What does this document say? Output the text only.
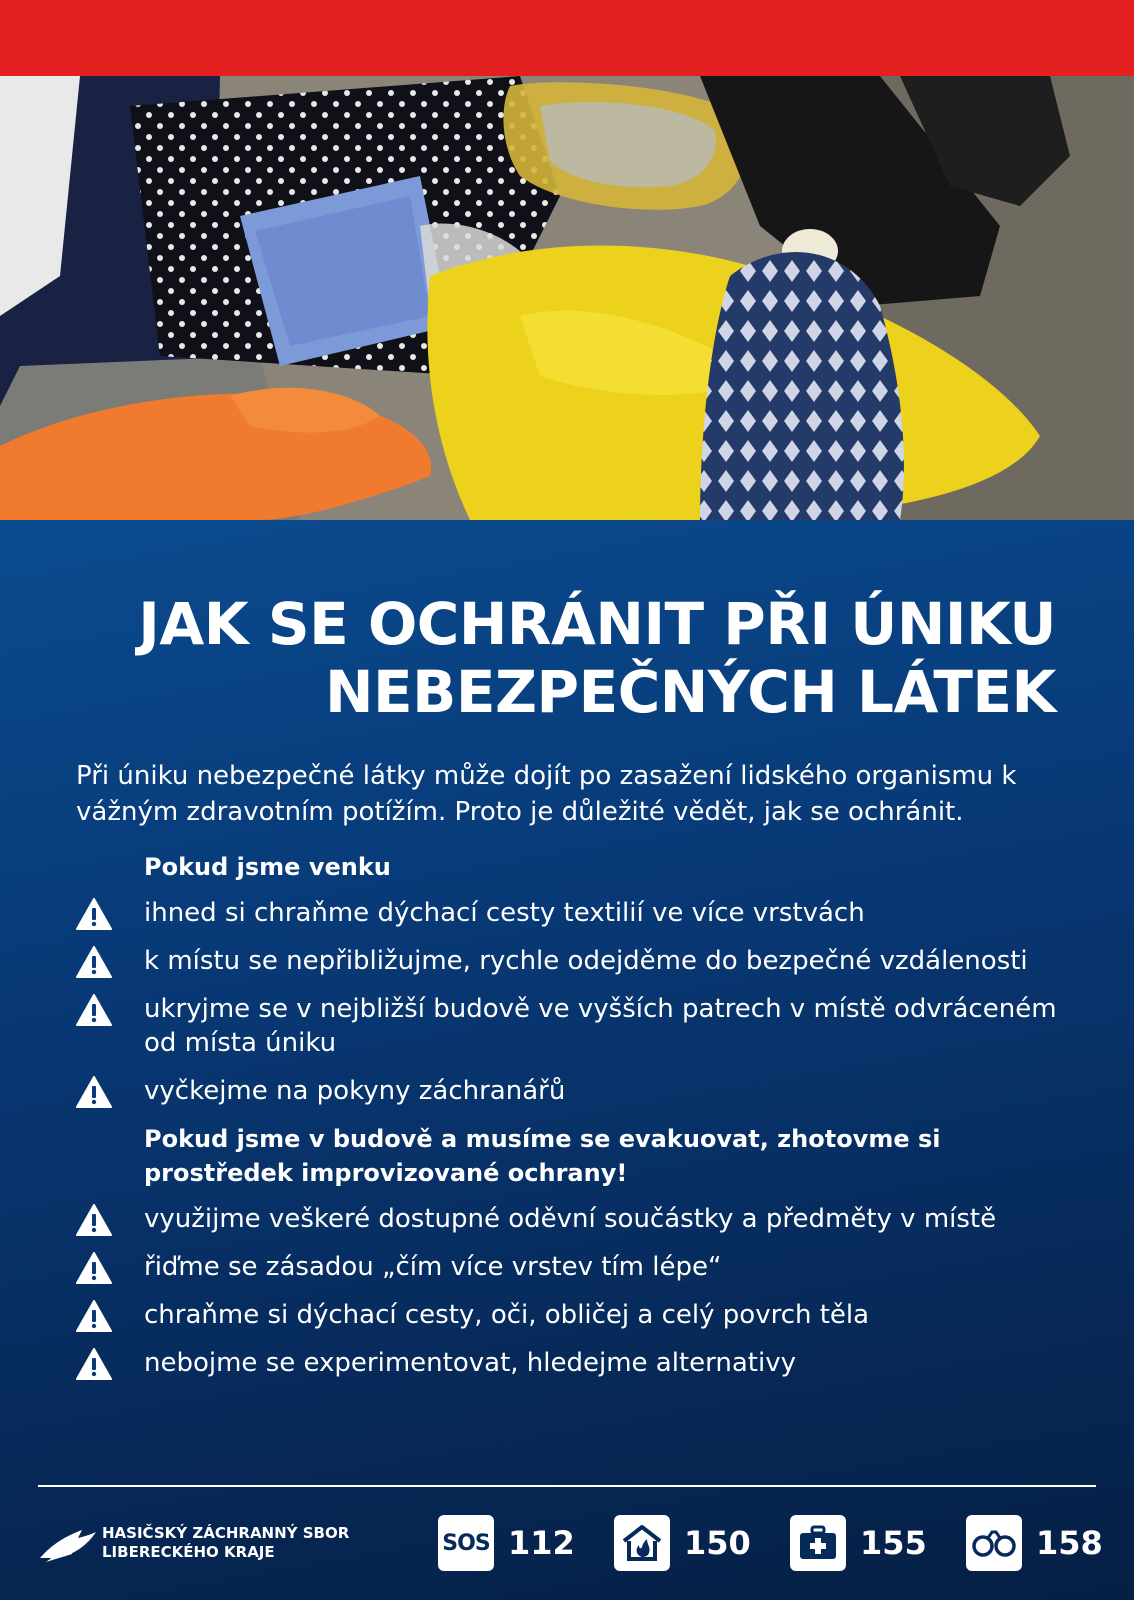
JAK SE OCHRÁNIT PŘI ÚNIKU
NEBEZPEČNÝCH LÁTEK
Při úniku nebezpečné látky může dojít po zasažení lidského organismu k vážným zdravotním potížím. Proto je důležité vědět, jak se ochránit.
Pokud jsme venku
ihned si chraňme dýchací cesty textilií ve více vrstvách
k místu se nepřibližujme, rychle odejděme do bezpečné vzdálenosti
ukryjme se v nejbližší budově ve vyšších patrech v místě odvráceném od místa úniku
vyčkejme na pokyny záchranářů
Pokud jsme v budově a musíme se evakuovat, zhotovme si prostředek improvizované ochrany!
využijme veškeré dostupné oděvní součástky a předměty v místě
řiďme se zásadou „čím více vrstev tím lépe“
chraňme si dýchací cesty, oči, obličej a celý povrch těla
nebojme se experimentovat, hledejme alternativy
HASIČSKÝ ZÁCHRANNÝ SBOR
LIBERECKÉHO KRAJE	SOS 112	150	155	158
